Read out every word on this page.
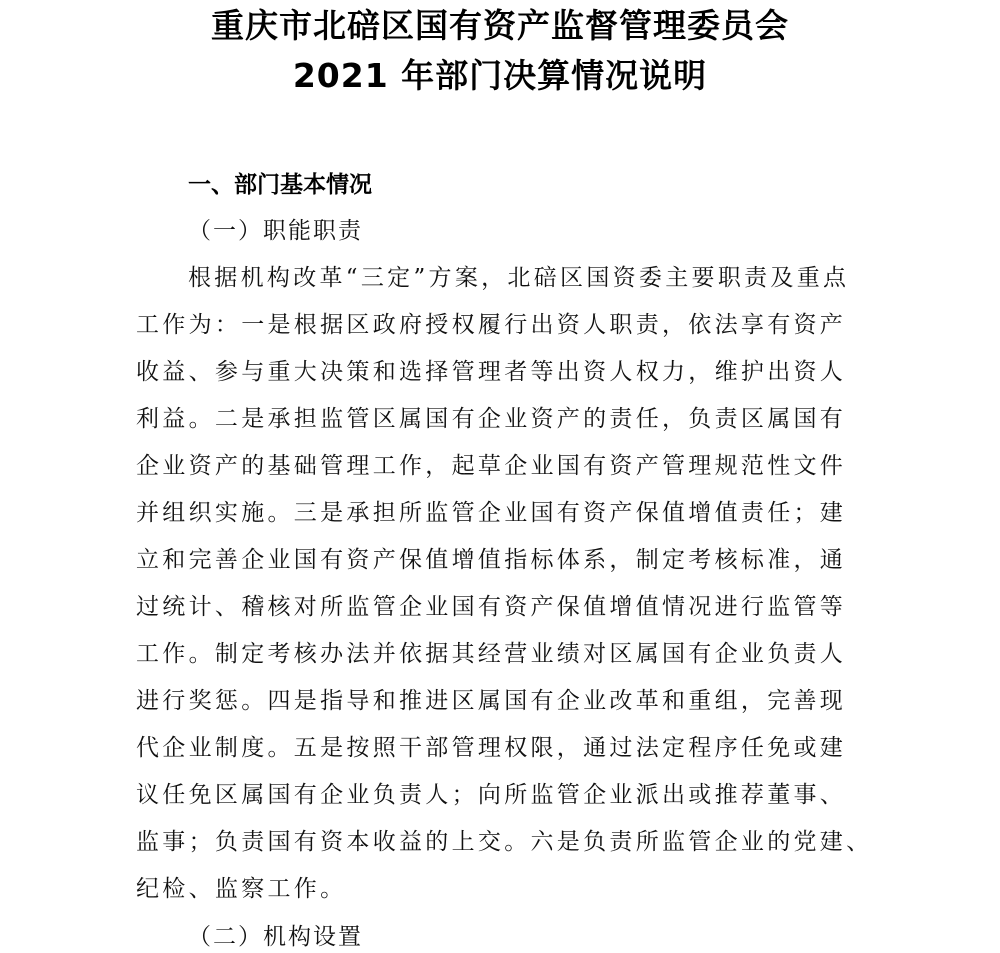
重庆市北碚区国有资产监督管理委员会
2021 年部门决算情况说明
一、部门基本情况
（一）职能职责
根据机构改革“三定”方案，北碚区国资委主要职责及重点
工作为：一是根据区政府授权履行出资人职责，依法享有资产
收益、参与重大决策和选择管理者等出资人权力，维护出资人
利益。二是承担监管区属国有企业资产的责任，负责区属国有
企业资产的基础管理工作，起草企业国有资产管理规范性文件
并组织实施。三是承担所监管企业国有资产保值增值责任；建
立和完善企业国有资产保值增值指标体系，制定考核标准，通
过统计、稽核对所监管企业国有资产保值增值情况进行监管等
工作。制定考核办法并依据其经营业绩对区属国有企业负责人
进行奖惩。四是指导和推进区属国有企业改革和重组，完善现
代企业制度。五是按照干部管理权限，通过法定程序任免或建
议任免区属国有企业负责人；向所监管企业派出或推荐董事、
监事；负责国有资本收益的上交。六是负责所监管企业的党建、
纪检、监察工作。
（二）机构设置
